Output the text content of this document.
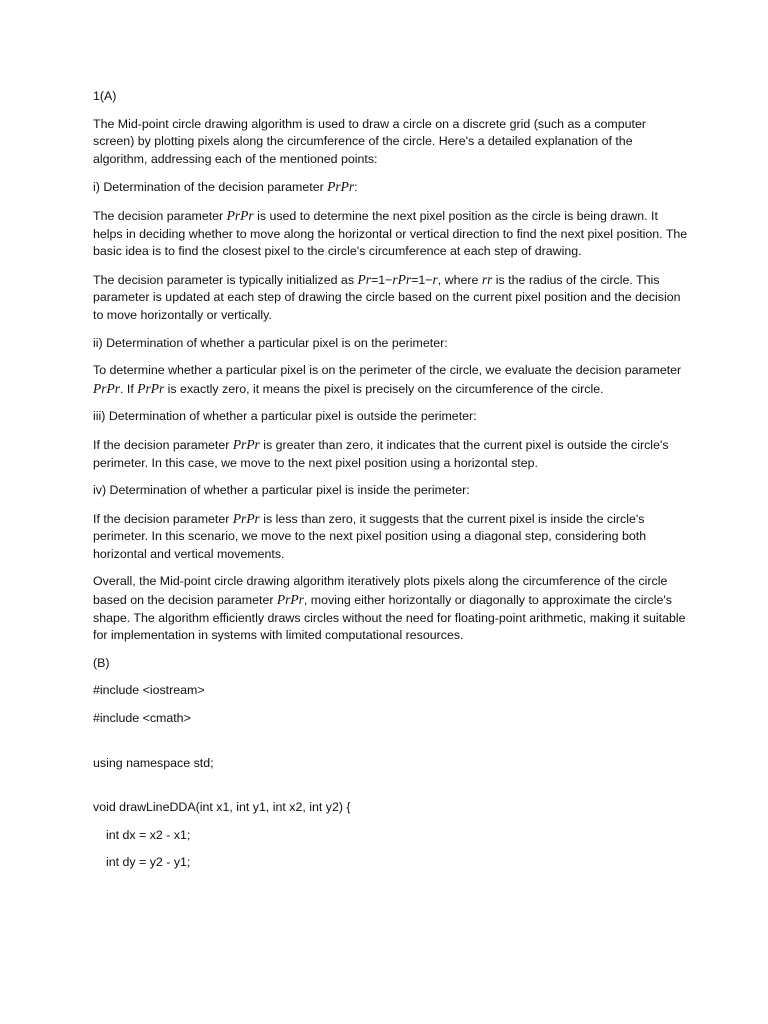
1(A)

The Mid-point circle drawing algorithm is used to draw a circle on a discrete grid (such as a computer screen) by plotting pixels along the circumference of the circle. Here's a detailed explanation of the algorithm, addressing each of the mentioned points:

i) Determination of the decision parameter PrPr:

The decision parameter PrPr is used to determine the next pixel position as the circle is being drawn. It helps in deciding whether to move along the horizontal or vertical direction to find the next pixel position. The basic idea is to find the closest pixel to the circle's circumference at each step of drawing.

The decision parameter is typically initialized as Pr=1−rPr=1−r, where rr is the radius of the circle. This parameter is updated at each step of drawing the circle based on the current pixel position and the decision to move horizontally or vertically.

ii) Determination of whether a particular pixel is on the perimeter:

To determine whether a particular pixel is on the perimeter of the circle, we evaluate the decision parameter PrPr. If PrPr is exactly zero, it means the pixel is precisely on the circumference of the circle.

iii) Determination of whether a particular pixel is outside the perimeter:

If the decision parameter PrPr is greater than zero, it indicates that the current pixel is outside the circle's perimeter. In this case, we move to the next pixel position using a horizontal step.

iv) Determination of whether a particular pixel is inside the perimeter:

If the decision parameter PrPr is less than zero, it suggests that the current pixel is inside the circle's perimeter. In this scenario, we move to the next pixel position using a diagonal step, considering both horizontal and vertical movements.

Overall, the Mid-point circle drawing algorithm iteratively plots pixels along the circumference of the circle based on the decision parameter PrPr, moving either horizontally or diagonally to approximate the circle's shape. The algorithm efficiently draws circles without the need for floating-point arithmetic, making it suitable for implementation in systems with limited computational resources.

(B)

#include <iostream>

#include <cmath>

using namespace std;

void drawLineDDA(int x1, int y1, int x2, int y2) {

int dx = x2 - x1;

int dy = y2 - y1;
